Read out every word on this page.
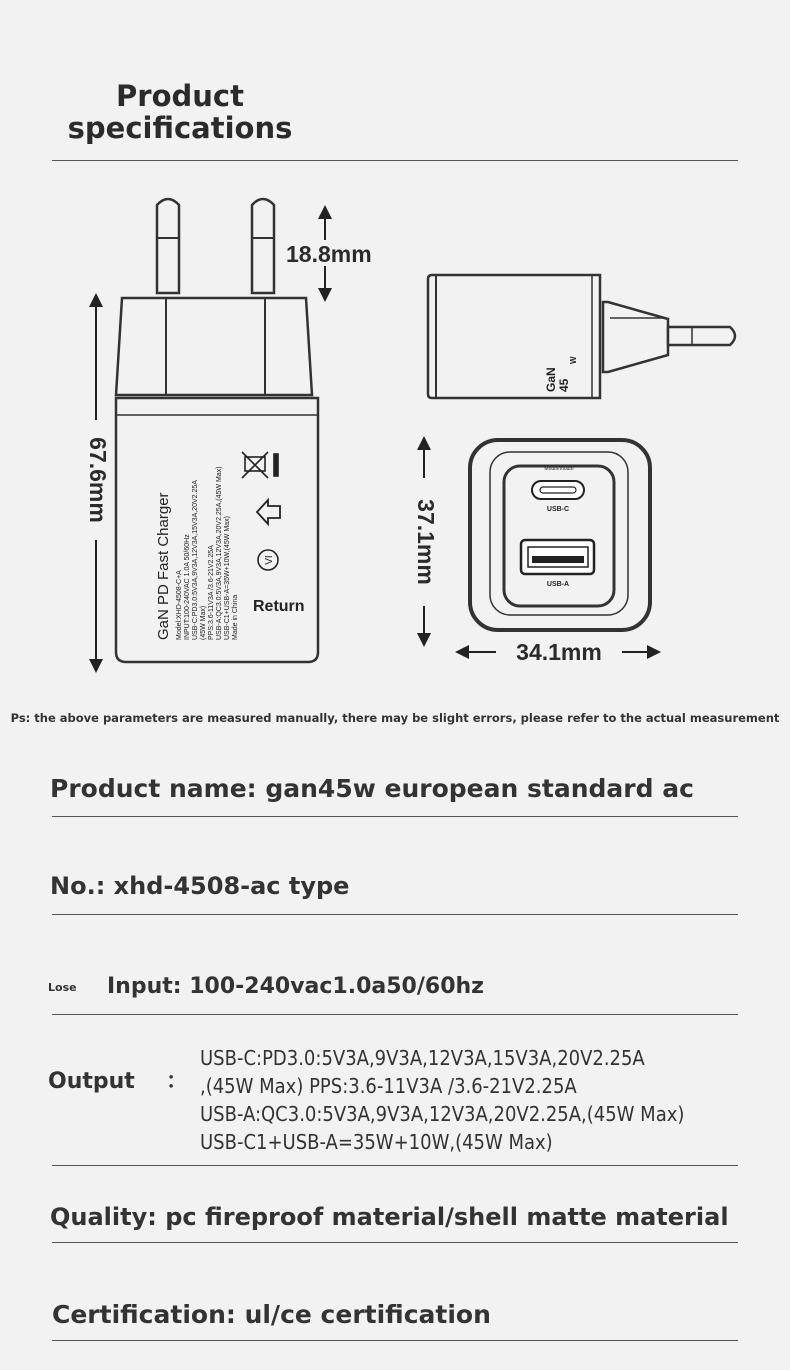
Product
specifications
GaN PD Fast Charger Model:XHD-4508-C+A INPUT:100-240VAC 1.0A 50/60Hz USB-C:PD3.0:5V3A,9V3A,12V3A,15V3A,20V2.25A (45W Max) PPS:3.6-11V3A /3.6-21V2.25A USB-A:QC3.0:5V3A,9V3A,12V3A,20V2.25A,(45W Max) USB-C1+USB-A=35W+10W,(45W Max) Made in China
VI
Return
67.6mm
18.8mm
GaN 45
W
Mouth/mouth
USB-C
USB-A
37.1mm
34.1mm
Ps: the above parameters are measured manually, there may be slight errors, please refer to the actual measurement
Product name: gan45w european standard ac
No.: xhd-4508-ac type
Lose Input: 100-240vac1.0a50/60hz
Output ：
USB-C:PD3.0:5V3A,9V3A,12V3A,15V3A,20V2.25A
,(45W Max) PPS:3.6-11V3A /3.6-21V2.25A
USB-A:QC3.0:5V3A,9V3A,12V3A,20V2.25A,(45W Max)
USB-C1+USB-A=35W+10W,(45W Max)
Quality: pc fireproof material/shell matte material
Certification: ul/ce certification
